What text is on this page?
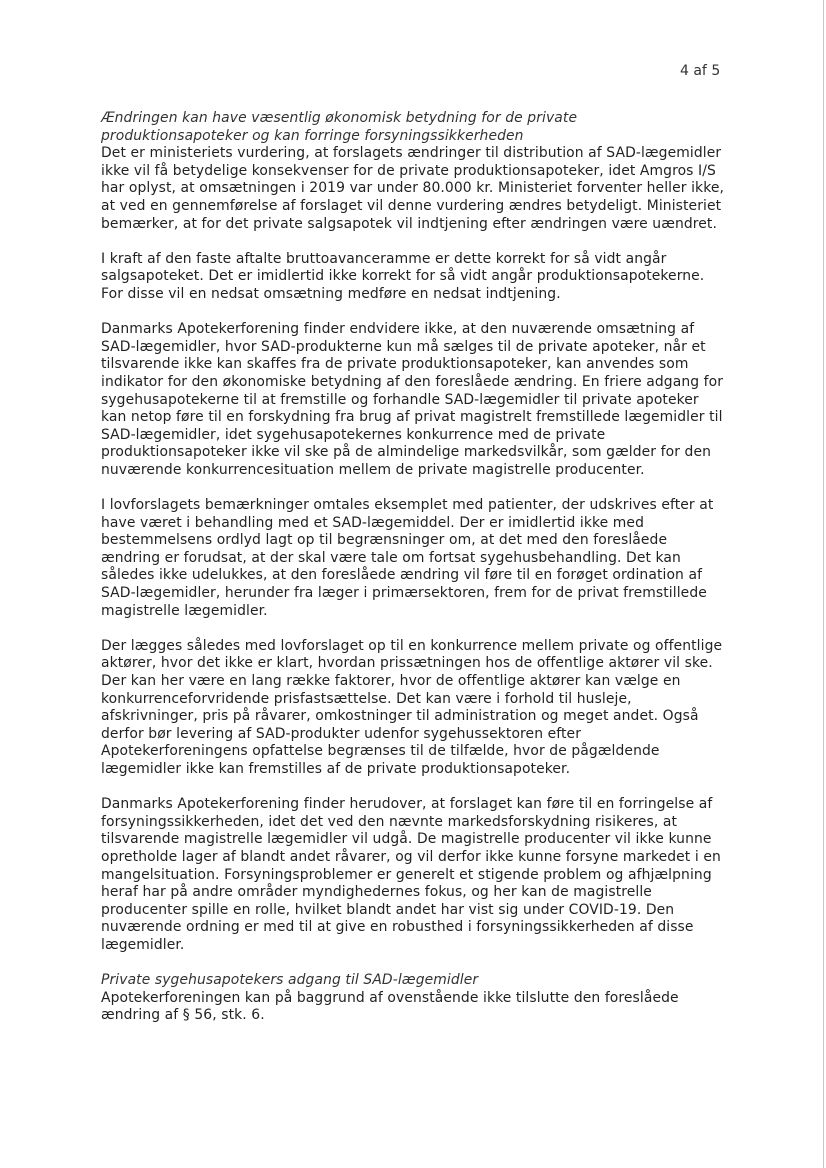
4 af 5

Ændringen kan have væsentlig økonomisk betydning for de private produktionsapoteker og kan forringe forsyningssikkerheden

Det er ministeriets vurdering, at forslagets ændringer til distribution af SAD-lægemidler ikke vil få betydelige konsekvenser for de private produktionsapoteker, idet Amgros I/S har oplyst, at omsætningen i 2019 var under 80.000 kr. Ministeriet forventer heller ikke, at ved en gennemførelse af forslaget vil denne vurdering ændres betydeligt. Ministeriet bemærker, at for det private salgsapotek vil indtjening efter ændringen være uændret.

I kraft af den faste aftalte bruttoavanceramme er dette korrekt for så vidt angår salgsapoteket. Det er imidlertid ikke korrekt for så vidt angår produktionsapotekerne. For disse vil en nedsat omsætning medføre en nedsat indtjening.

Danmarks Apotekerforening finder endvidere ikke, at den nuværende omsætning af SAD-lægemidler, hvor SAD-produkterne kun må sælges til de private apoteker, når et tilsvarende ikke kan skaffes fra de private produktionsapoteker, kan anvendes som indikator for den økonomiske betydning af den foreslåede ændring. En friere adgang for sygehusapotekerne til at fremstille og forhandle SAD-lægemidler til private apoteker kan netop føre til en forskydning fra brug af privat magistrelt fremstillede lægemidler til SAD-lægemidler, idet sygehusapotekernes konkurrence med de private produktionsapoteker ikke vil ske på de almindelige markedsvilkår, som gælder for den nuværende konkurrencesituation mellem de private magistrelle producenter.

I lovforslagets bemærkninger omtales eksemplet med patienter, der udskrives efter at have været i behandling med et SAD-lægemiddel. Der er imidlertid ikke med bestemmelsens ordlyd lagt op til begrænsninger om, at det med den foreslåede ændring er forudsat, at der skal være tale om fortsat sygehusbehandling. Det kan således ikke udelukkes, at den foreslåede ændring vil føre til en forøget ordination af SAD-lægemidler, herunder fra læger i primærsektoren, frem for de privat fremstillede magistrelle lægemidler.

Der lægges således med lovforslaget op til en konkurrence mellem private og offentlige aktører, hvor det ikke er klart, hvordan prissætningen hos de offentlige aktører vil ske. Der kan her være en lang række faktorer, hvor de offentlige aktører kan vælge en konkurrenceforvridende prisfastsættelse. Det kan være i forhold til husleje, afskrivninger, pris på råvarer, omkostninger til administration og meget andet. Også derfor bør levering af SAD-produkter udenfor sygehussektoren efter Apotekerforeningens opfattelse begrænses til de tilfælde, hvor de pågældende lægemidler ikke kan fremstilles af de private produktionsapoteker.

Danmarks Apotekerforening finder herudover, at forslaget kan føre til en forringelse af forsyningssikkerheden, idet det ved den nævnte markedsforskydning risikeres, at tilsvarende magistrelle lægemidler vil udgå. De magistrelle producenter vil ikke kunne opretholde lager af blandt andet råvarer, og vil derfor ikke kunne forsyne markedet i en mangelsituation. Forsyningsproblemer er generelt et stigende problem og afhjælpning heraf har på andre områder myndighedernes fokus, og her kan de magistrelle producenter spille en rolle, hvilket blandt andet har vist sig under COVID-19. Den nuværende ordning er med til at give en robusthed i forsyningssikkerheden af disse lægemidler.

Private sygehusapotekers adgang til SAD-lægemidler

Apotekerforeningen kan på baggrund af ovenstående ikke tilslutte den foreslåede ændring af § 56, stk. 6.
